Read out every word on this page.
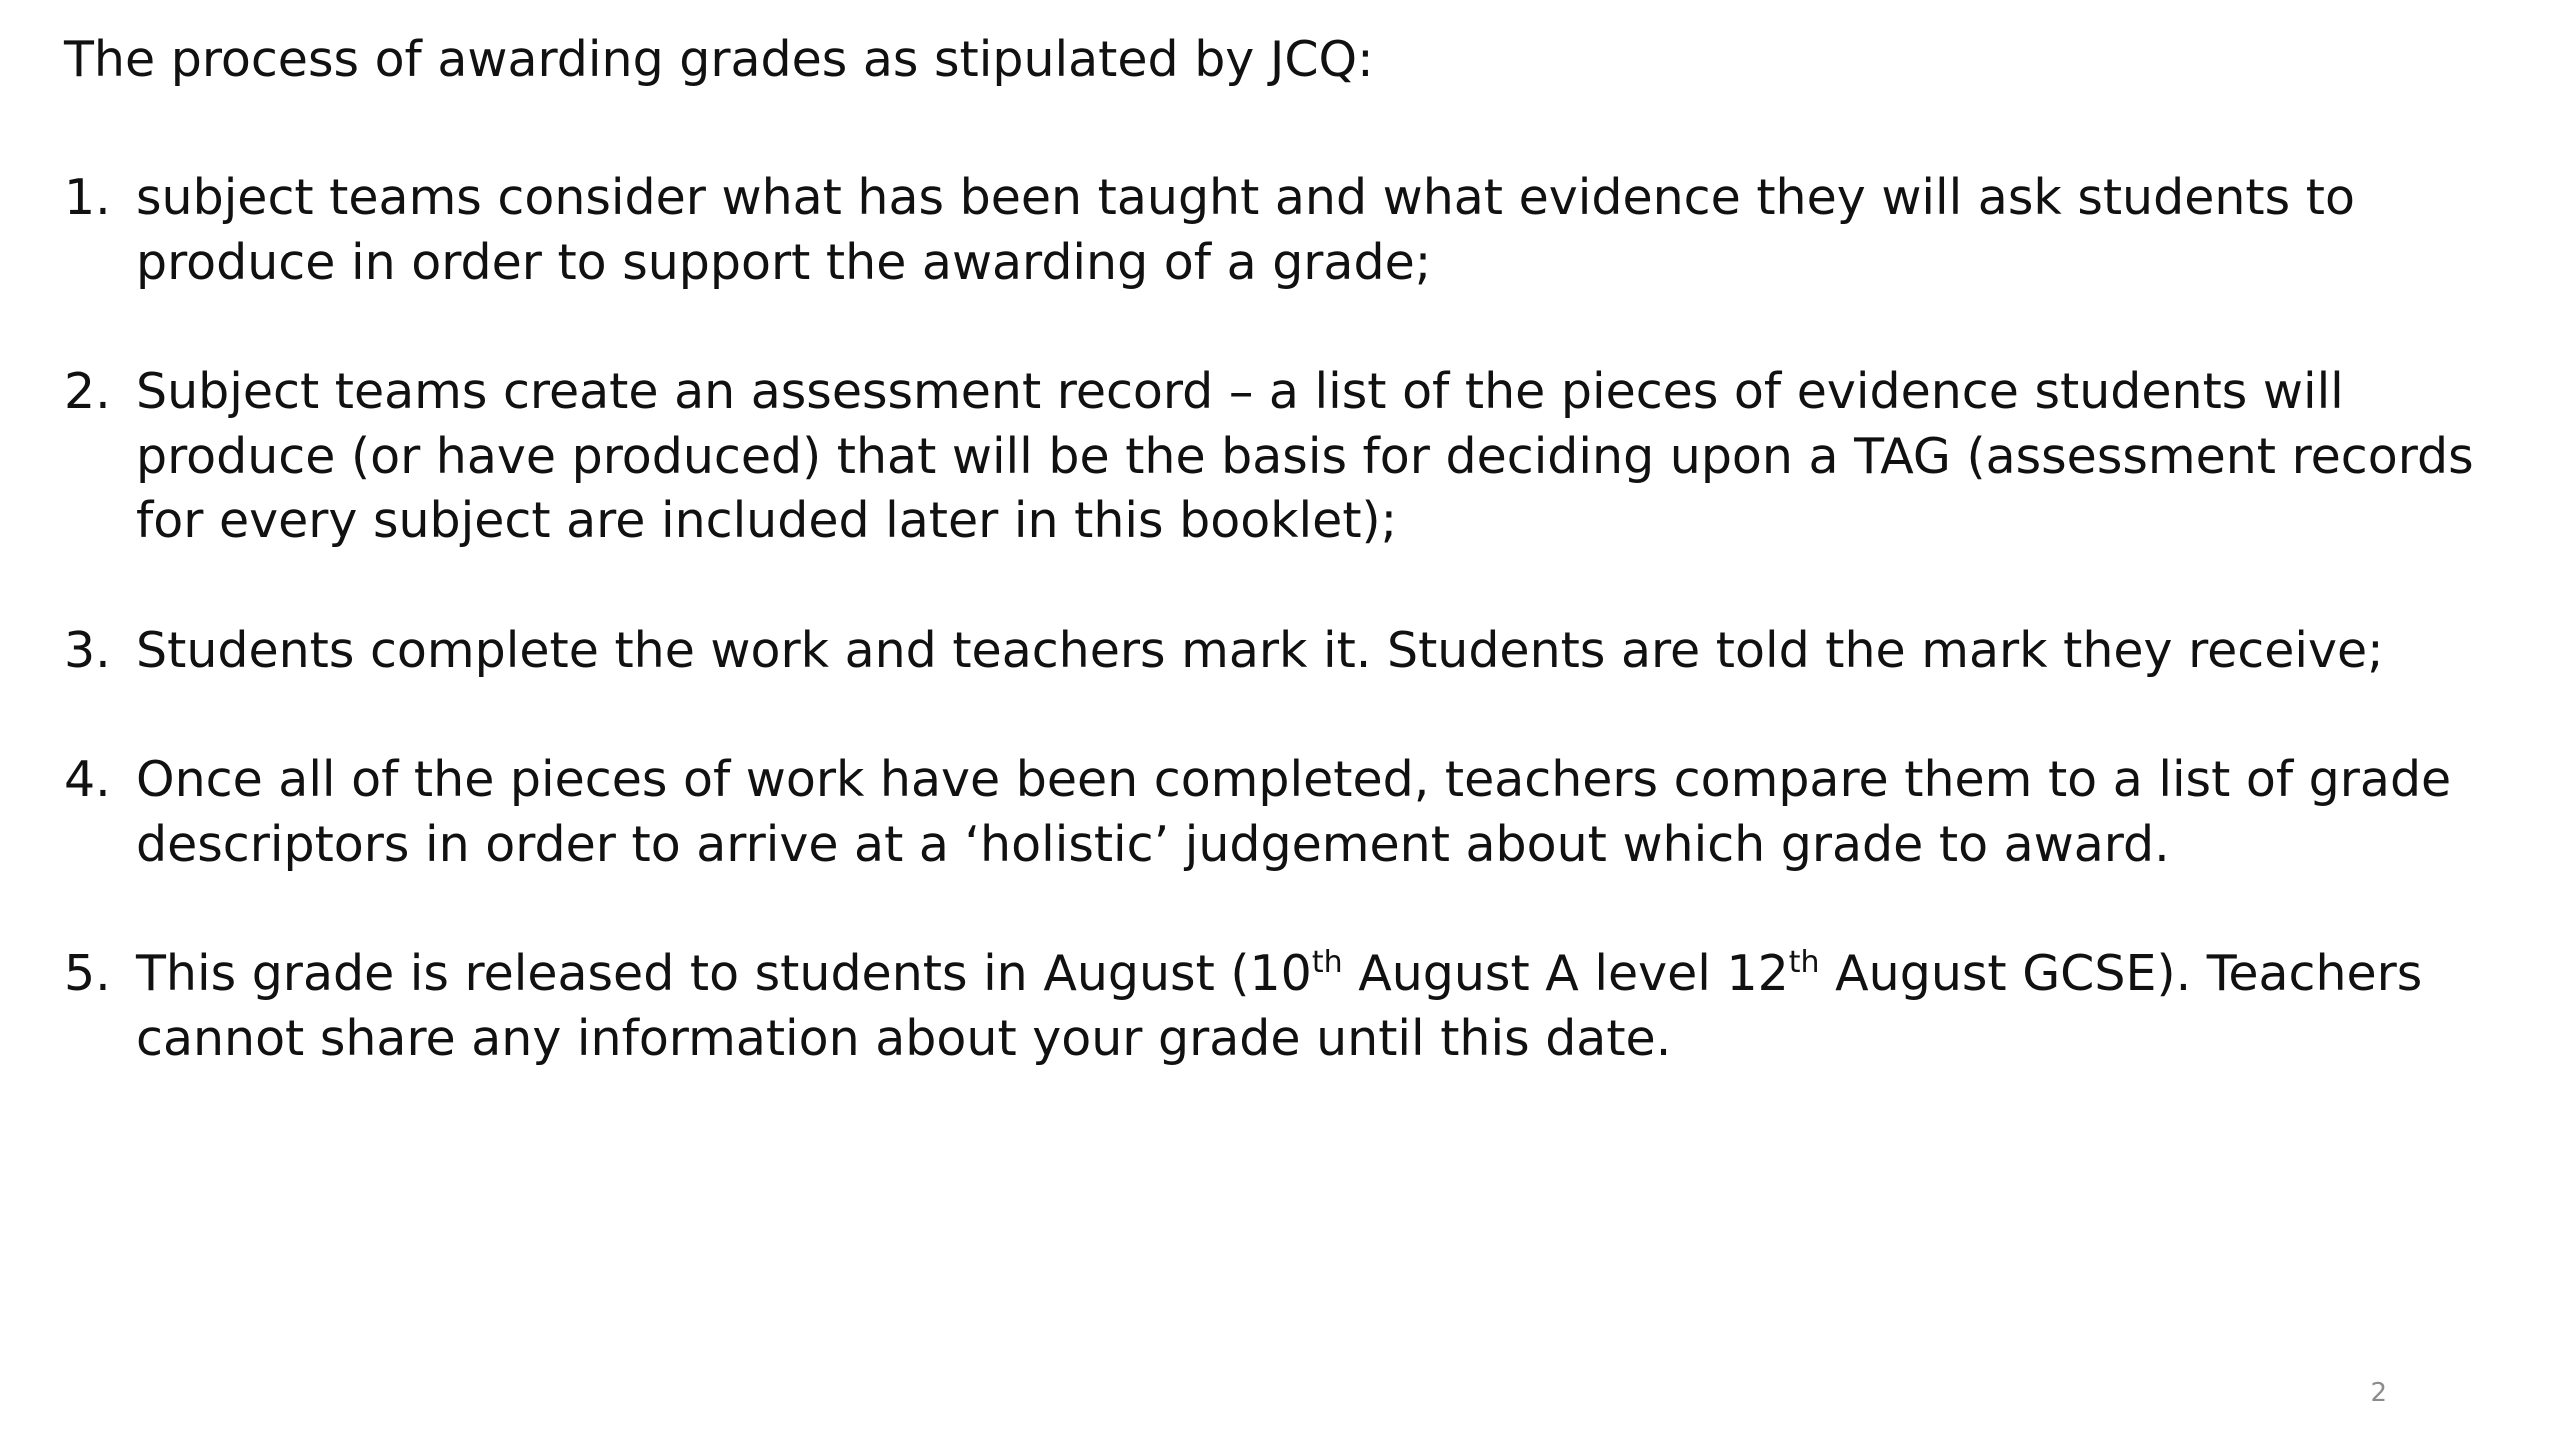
The process of awarding grades as stipulated by JCQ:

1. subject teams consider what has been taught and what evidence they will ask students to produce in order to support the awarding of a grade;
2. Subject teams create an assessment record – a list of the pieces of evidence students will produce (or have produced) that will be the basis for deciding upon a TAG (assessment records for every subject are included later in this booklet);
3. Students complete the work and teachers mark it. Students are told the mark they receive;
4. Once all of the pieces of work have been completed, teachers compare them to a list of grade descriptors in order to arrive at a ‘holistic’ judgement about which grade to award.
5. This grade is released to students in August (10th August A level 12th August GCSE). Teachers cannot share any information about your grade until this date.
2
